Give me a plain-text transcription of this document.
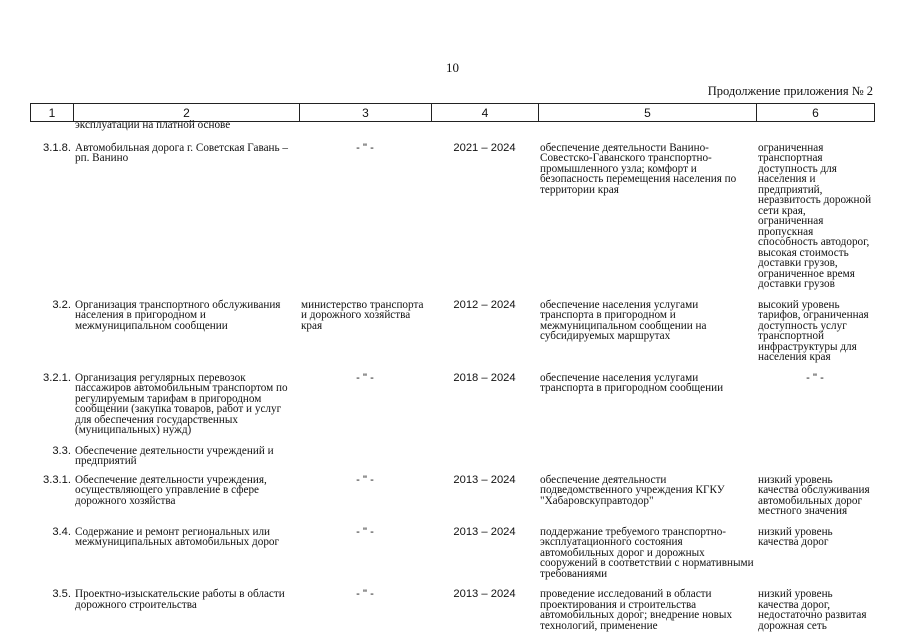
10
Продолжение приложения № 2
1	2	3	4	5	6
	эксплуатации на платной основе				
3.1.8.	Автомобильная дорога г. Советская Гавань – рп. Ванино	- " -	2021 – 2024	обеспечение деятельности Ванино-Совестско-Гаванского транспортно-промышленного узла; комфорт и безопасность перемещения населения по территории края	ограниченная транспортная доступность для населения и предприятий, неразвитость дорожной сети края, ограниченная пропускная способность автодорог, высокая стоимость доставки грузов, ограниченное время доставки грузов
3.2.	Организация транспортного обслуживания населения в пригородном и межмуниципальном сообщении	министерство транспорта и дорожного хозяйства края	2012 – 2024	обеспечение населения услугами транспорта в пригородном и межмуниципальном сообщении на субсидируемых маршрутах	высокий уровень тарифов, ограниченная доступность услуг транспортной инфраструктуры для населения края
3.2.1.	Организация регулярных перевозок пассажиров автомобильным транспортом по регулируемым тарифам в пригородном сообщении (закупка товаров, работ и услуг для обеспечения государственных (муниципальных) нужд)	- " -	2018 – 2024	обеспечение населения услугами транспорта в пригородном сообщении	- " -
3.3.	Обеспечение деятельности учреждений и предприятий				
3.3.1.	Обеспечение деятельности учреждения, осуществляющего управление в сфере дорожного хозяйства	- " -	2013 – 2024	обеспечение деятельности подведомственного учреждения КГКУ "Хабаровскуправтодор"	низкий уровень качества обслуживания автомобильных дорог местного значения
3.4.	Содержание и ремонт региональных или межмуниципальных автомобильных дорог	- " -	2013 – 2024	поддержание требуемого транспортно-эксплуатационного состояния автомобильных дорог и дорожных сооружений в соответствии с нормативными требованиями	низкий уровень качества дорог
3.5.	Проектно-изыскательские работы в области дорожного строительства	- " -	2013 – 2024	проведение исследований в области проектирования и строительства автомобильных дорог; внедрение новых технологий, применение	низкий уровень качества дорог, недостаточно развитая дорожная сеть
